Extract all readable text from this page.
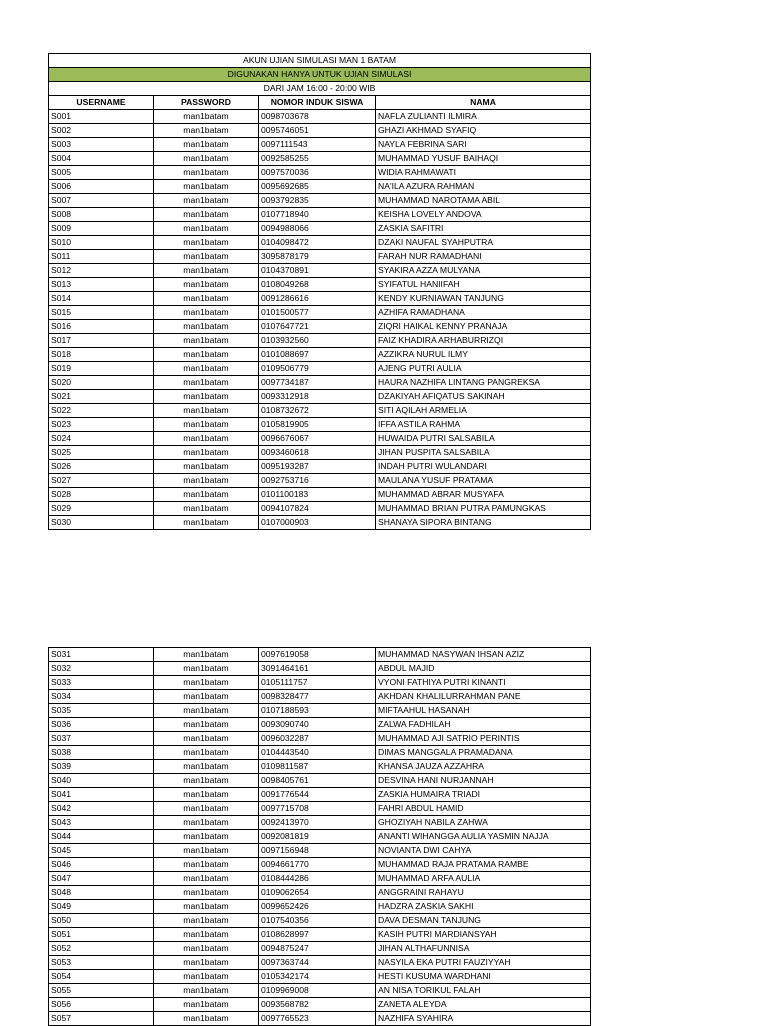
AKUN UJIAN SIMULASI MAN 1 BATAM			
DIGUNAKAN HANYA UNTUK UJIAN SIMULASI			
DARI JAM 16:00 - 20:00 WIB			
USERNAME	PASSWORD	NOMOR INDUK SISWA	NAMA
S001	man1batam	0098703678	NAFLA ZULIANTI ILMIRA
S002	man1batam	0095746051	GHAZI AKHMAD SYAFIQ
S003	man1batam	0097111543	NAYLA FEBRINA SARI
S004	man1batam	0092585255	MUHAMMAD YUSUF BAIHAQI
S005	man1batam	0097570036	WIDIA RAHMAWATI
S006	man1batam	0095692685	NA'ILA AZURA RAHMAN
S007	man1batam	0093792835	MUHAMMAD NAROTAMA ABIL
S008	man1batam	0107718940	KEISHA LOVELY ANDOVA
S009	man1batam	0094988066	ZASKIA SAFITRI
S010	man1batam	0104098472	DZAKI NAUFAL SYAHPUTRA
S011	man1batam	3095878179	FARAH NUR RAMADHANI
S012	man1batam	0104370891	SYAKIRA AZZA MULYANA
S013	man1batam	0108049268	SYIFATUL HANIIFAH
S014	man1batam	0091286616	KENDY KURNIAWAN TANJUNG
S015	man1batam	0101500577	AZHIFA RAMADHANA
S016	man1batam	0107647721	ZIQRI HAIKAL KENNY PRANAJA
S017	man1batam	0103932560	FAIZ KHADIRA ARHABURRIZQI
S018	man1batam	0101088697	AZZIKRA NURUL ILMY
S019	man1batam	0109506779	AJENG PUTRI AULIA
S020	man1batam	0097734187	HAURA NAZHIFA LINTANG PANGREKSA
S021	man1batam	0093312918	DZAKIYAH AFIQATUS SAKINAH
S022	man1batam	0108732672	SITI AQILAH ARMELIA
S023	man1batam	0105819905	IFFA ASTILA RAHMA
S024	man1batam	0096676067	HUWAIDA PUTRI SALSABILA
S025	man1batam	0093460618	JIHAN PUSPITA SALSABILA
S026	man1batam	0095193287	INDAH PUTRI WULANDARI
S027	man1batam	0092753716	MAULANA YUSUF PRATAMA
S028	man1batam	0101100183	MUHAMMAD ABRAR MUSYAFA
S029	man1batam	0094107824	MUHAMMAD BRIAN PUTRA PAMUNGKAS
S030	man1batam	0107000903	SHANAYA SIPORA BINTANG
S031	man1batam	0097619058	MUHAMMAD NASYWAN IHSAN AZIZ
S032	man1batam	3091464161	ABDUL MAJID
S033	man1batam	0105111757	VYONI FATHIYA PUTRI KINANTI
S034	man1batam	0098328477	AKHDAN KHALILURRAHMAN PANE
S035	man1batam	0107188593	MIFTAAHUL HASANAH
S036	man1batam	0093090740	ZALWA FADHILAH
S037	man1batam	0096032287	MUHAMMAD AJI SATRIO PERINTIS
S038	man1batam	0104443540	DIMAS MANGGALA PRAMADANA
S039	man1batam	0109811587	KHANSA JAUZA AZZAHRA
S040	man1batam	0098405761	DESVINA HANI NURJANNAH
S041	man1batam	0091776544	ZASKIA HUMAIRA TRIADI
S042	man1batam	0097715708	FAHRI ABDUL HAMID
S043	man1batam	0092413970	GHOZIYAH NABILA ZAHWA
S044	man1batam	0092081819	ANANTI WIHANGGA AULIA YASMIN NAJJA
S045	man1batam	0097156948	NOVIANTA DWI CAHYA
S046	man1batam	0094661770	MUHAMMAD RAJA PRATAMA RAMBE
S047	man1batam	0108444286	MUHAMMAD ARFA AULIA
S048	man1batam	0109062654	ANGGRAINI RAHAYU
S049	man1batam	0099652426	HADZRA ZASKIA SAKHI
S050	man1batam	0107540356	DAVA DESMAN TANJUNG
S051	man1batam	0108628997	KASIH PUTRI MARDIANSYAH
S052	man1batam	0094875247	JIHAN ALTHAFUNNISA
S053	man1batam	0097363744	NASYILA EKA PUTRI FAUZIYYAH
S054	man1batam	0105342174	HESTI KUSUMA WARDHANI
S055	man1batam	0109969008	AN NISA TORIKUL FALAH
S056	man1batam	0093568782	ZANETA ALEYDA
S057	man1batam	0097765523	NAZHIFA SYAHIRA
